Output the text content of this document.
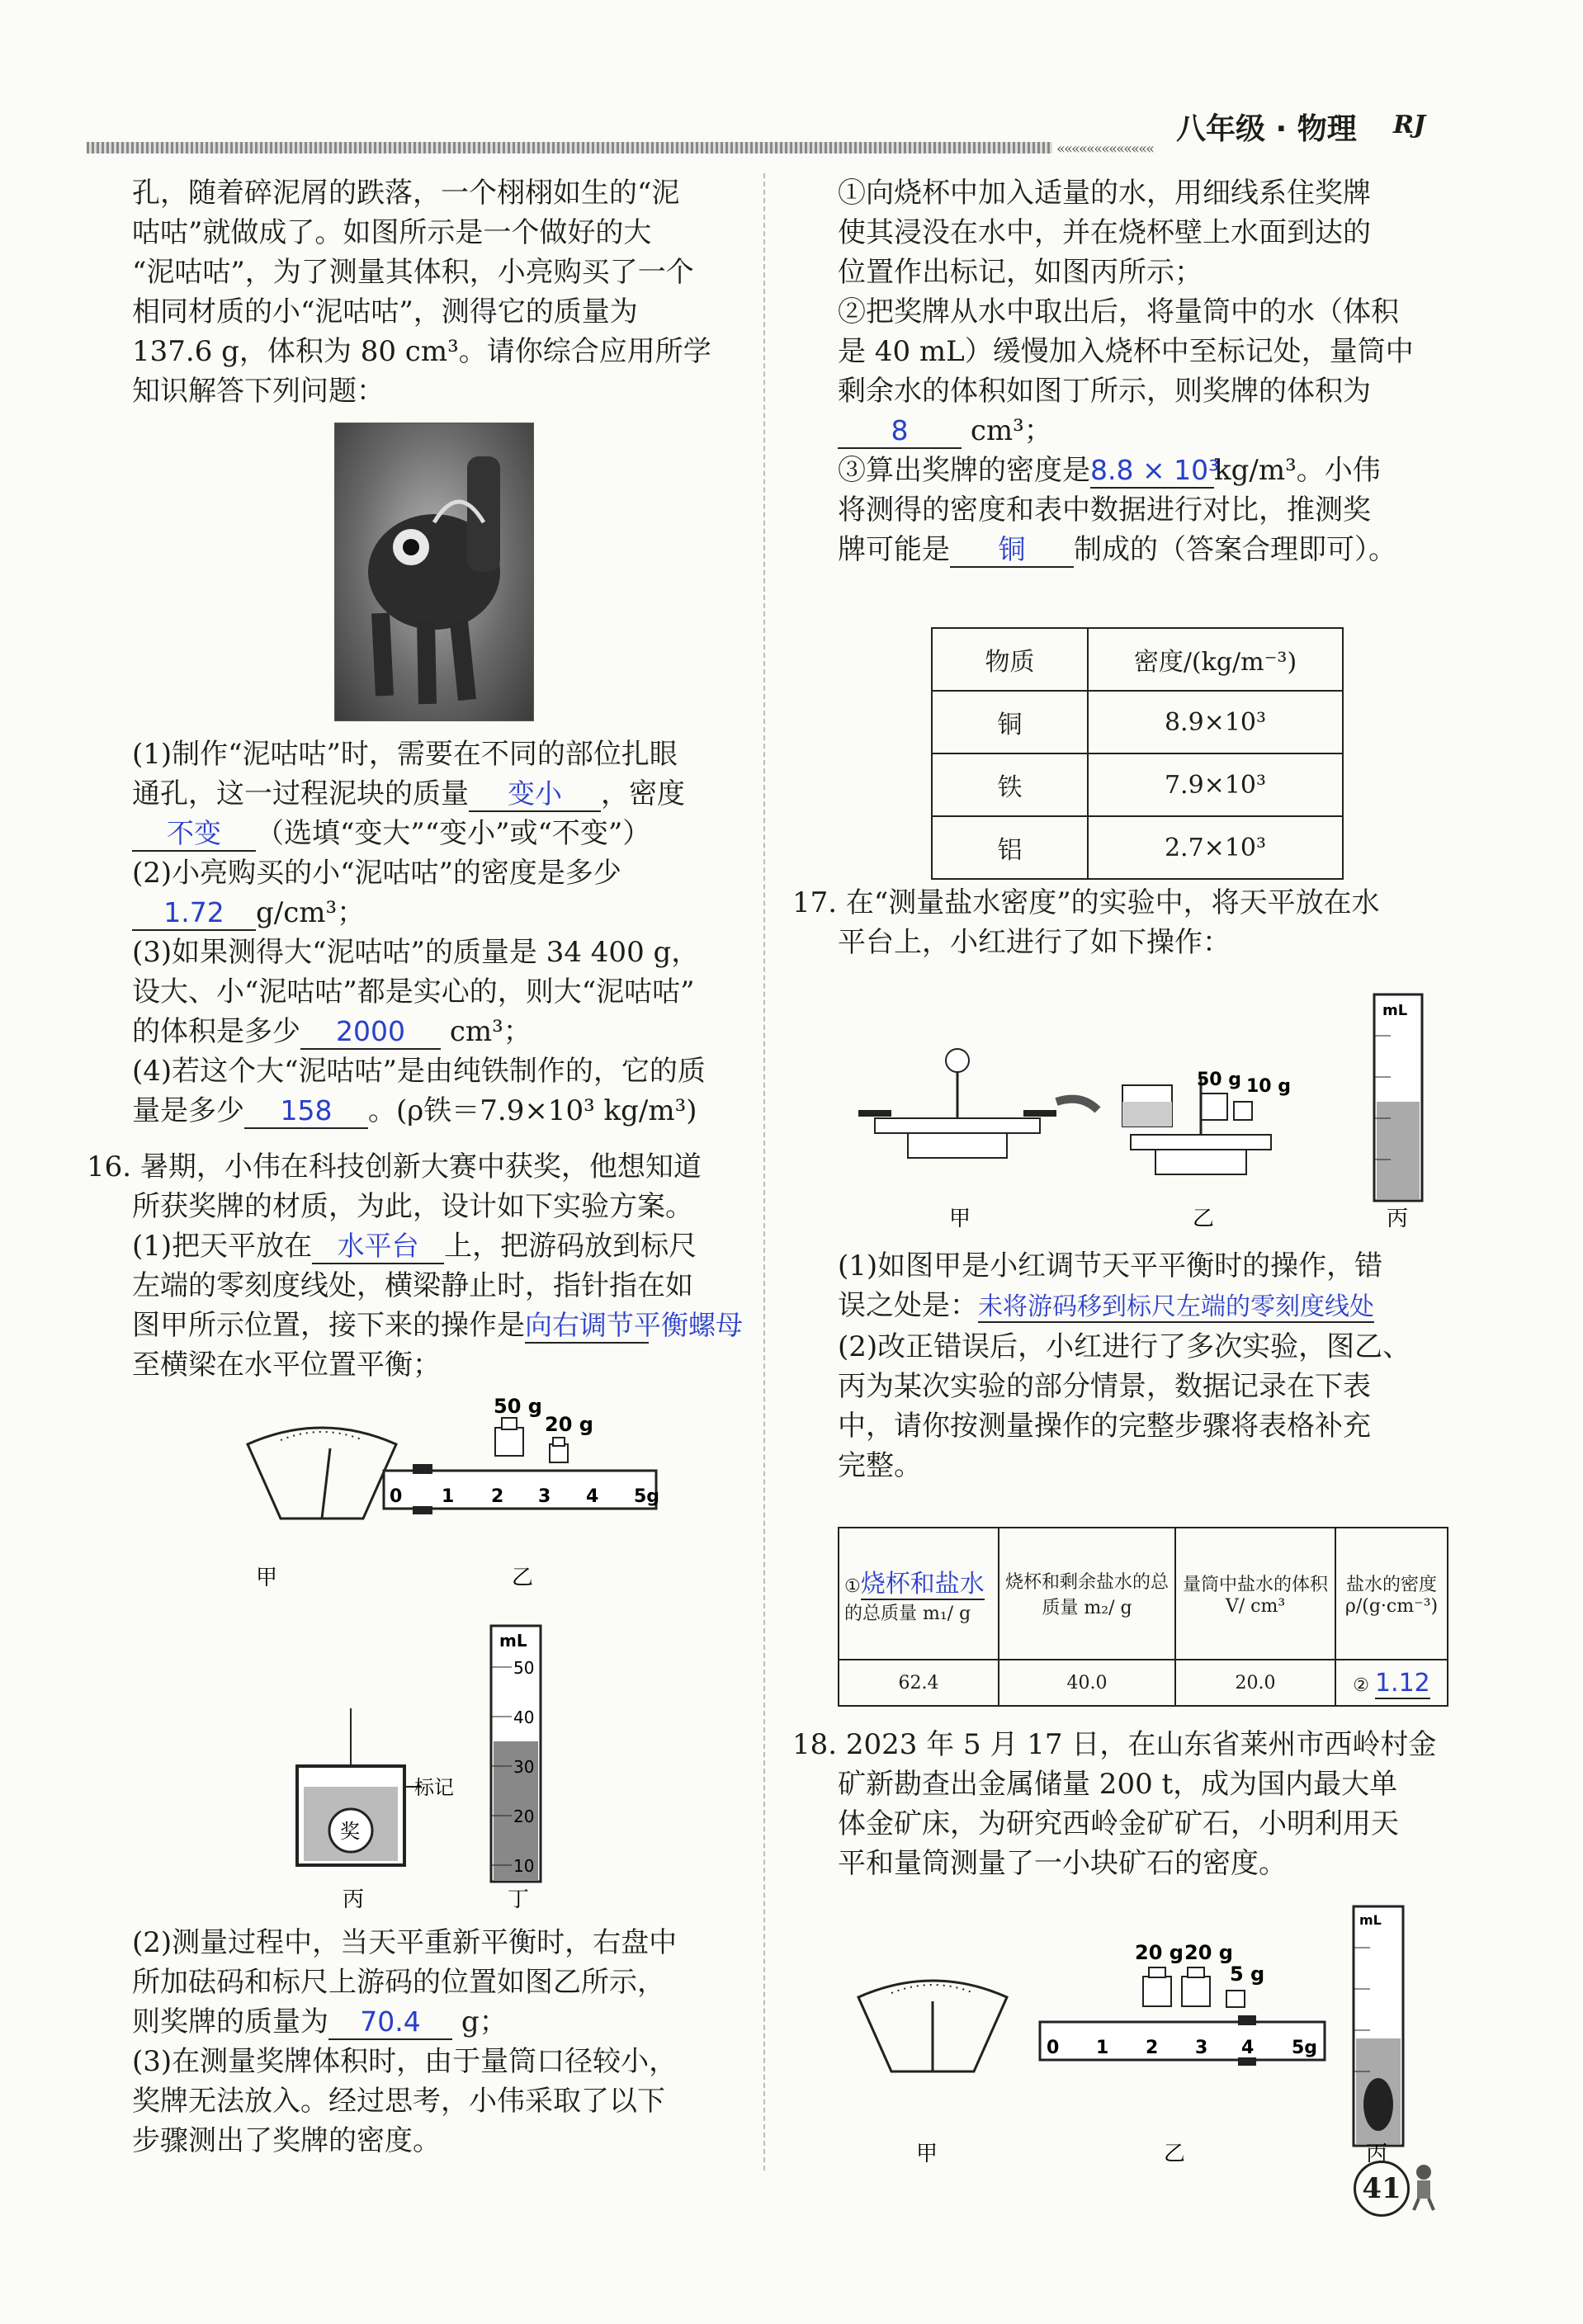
«««««««««««««
八年级 · 物理 RJ
孔，随着碎泥屑的跌落，一个栩栩如生的“泥
咕咕”就做成了。如图所示是一个做好的大
“泥咕咕”，为了测量其体积，小亮购买了一个
相同材质的小“泥咕咕”，测得它的质量为
137.6 g，体积为 80 cm³。请你综合应用所学
知识解答下列问题：
(1)制作“泥咕咕”时，需要在不同的部位扎眼
通孔，这一过程泥块的质量 变小 ，密度
不变 （选填“变大”“变小”或“不变”）
(2)小亮购买的小“泥咕咕”的密度是多少
1.72 g/cm³；
(3)如果测得大“泥咕咕”的质量是 34 400 g，
设大、小“泥咕咕”都是实心的，则大“泥咕咕”
的体积是多少 2000 cm³；
(4)若这个大“泥咕咕”是由纯铁制作的，它的质
量是多少 158 。(ρ铁＝7.9×10³ kg/m³)
16. 暑期，小伟在科技创新大赛中获奖，他想知道
所获奖牌的材质，为此，设计如下实验方案。
(1)把天平放在 水平台 上，把游码放到标尺
左端的零刻度线处，横梁静止时，指针指在如
图甲所示位置，接下来的操作是向右调节平衡螺母
至横梁在水平位置平衡；
50 g
20 g
0 1 2 3 4 5g
甲	乙
奖
标记
50
40
30
20
10
mL
丙	丁
(2)测量过程中，当天平重新平衡时，右盘中
所加砝码和标尺上游码的位置如图乙所示，
则奖牌的质量为 70.4 g；
(3)在测量奖牌体积时，由于量筒口径较小，
奖牌无法放入。经过思考，小伟采取了以下
步骤测出了奖牌的密度。
①向烧杯中加入适量的水，用细线系住奖牌
使其浸没在水中，并在烧杯壁上水面到达的
位置作出标记，如图丙所示；
②把奖牌从水中取出后，将量筒中的水（体积
是 40 mL）缓慢加入烧杯中至标记处，量筒中
剩余水的体积如图丁所示，则奖牌的体积为
8 cm³；
③算出奖牌的密度是8.8 × 10³kg/m³。小伟
将测得的密度和表中数据进行对比，推测奖
牌可能是 铜 制成的（答案合理即可）。
物质	密度/(kg/m⁻³)
铜	8.9×10³
铁	7.9×10³
铝	2.7×10³
17. 在“测量盐水密度”的实验中，将天平放在水
平台上，小红进行了如下操作：
50 g 10 g
mL
甲	乙	丙
(1)如图甲是小红调节天平平衡时的操作，错
误之处是：未将游码移到标尺左端的零刻度线处
(2)改正错误后，小红进行了多次实验，图乙、
丙为某次实验的部分情景，数据记录在下表
中，请你按测量操作的完整步骤将表格补充
完整。
①烧杯和盐水
的总质量 m₁/ g	烧杯和剩余盐水的总质量 m₂/ g	量筒中盐水的体积 V/ cm³	盐水的密度ρ/(g·cm⁻³)
62.4	40.0	20.0	② 1.12
18. 2023 年 5 月 17 日，在山东省莱州市西岭村金
矿新勘查出金属储量 200 t，成为国内最大单
体金矿床，为研究西岭金矿矿石，小明利用天
平和量筒测量了一小块矿石的密度。
20 g 20 g
5 g
0 1 2 3 4 5g
mL
甲	乙	丙
41
